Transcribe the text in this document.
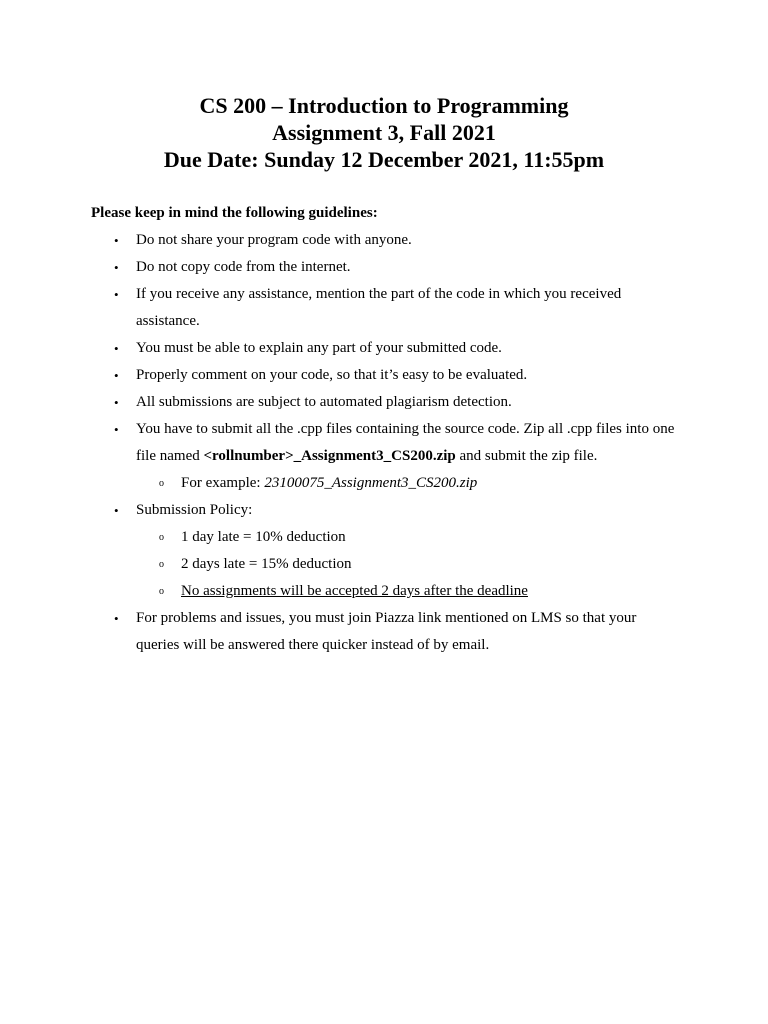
CS 200 – Introduction to Programming
Assignment 3, Fall 2021
Due Date: Sunday 12 December 2021, 11:55pm
Please keep in mind the following guidelines:
• Do not share your program code with anyone.
• Do not copy code from the internet.
• If you receive any assistance, mention the part of the code in which you received
assistance.
• You must be able to explain any part of your submitted code.
• Properly comment on your code, so that it’s easy to be evaluated.
• All submissions are subject to automated plagiarism detection.
• You have to submit all the .cpp files containing the source code. Zip all .cpp files into one
file named <rollnumber>_Assignment3_CS200.zip and submit the zip file.
o For example: 23100075_Assignment3_CS200.zip
• Submission Policy:
o 1 day late = 10% deduction
o 2 days late = 15% deduction
o No assignments will be accepted 2 days after the deadline
• For problems and issues, you must join Piazza link mentioned on LMS so that your
queries will be answered there quicker instead of by email.
